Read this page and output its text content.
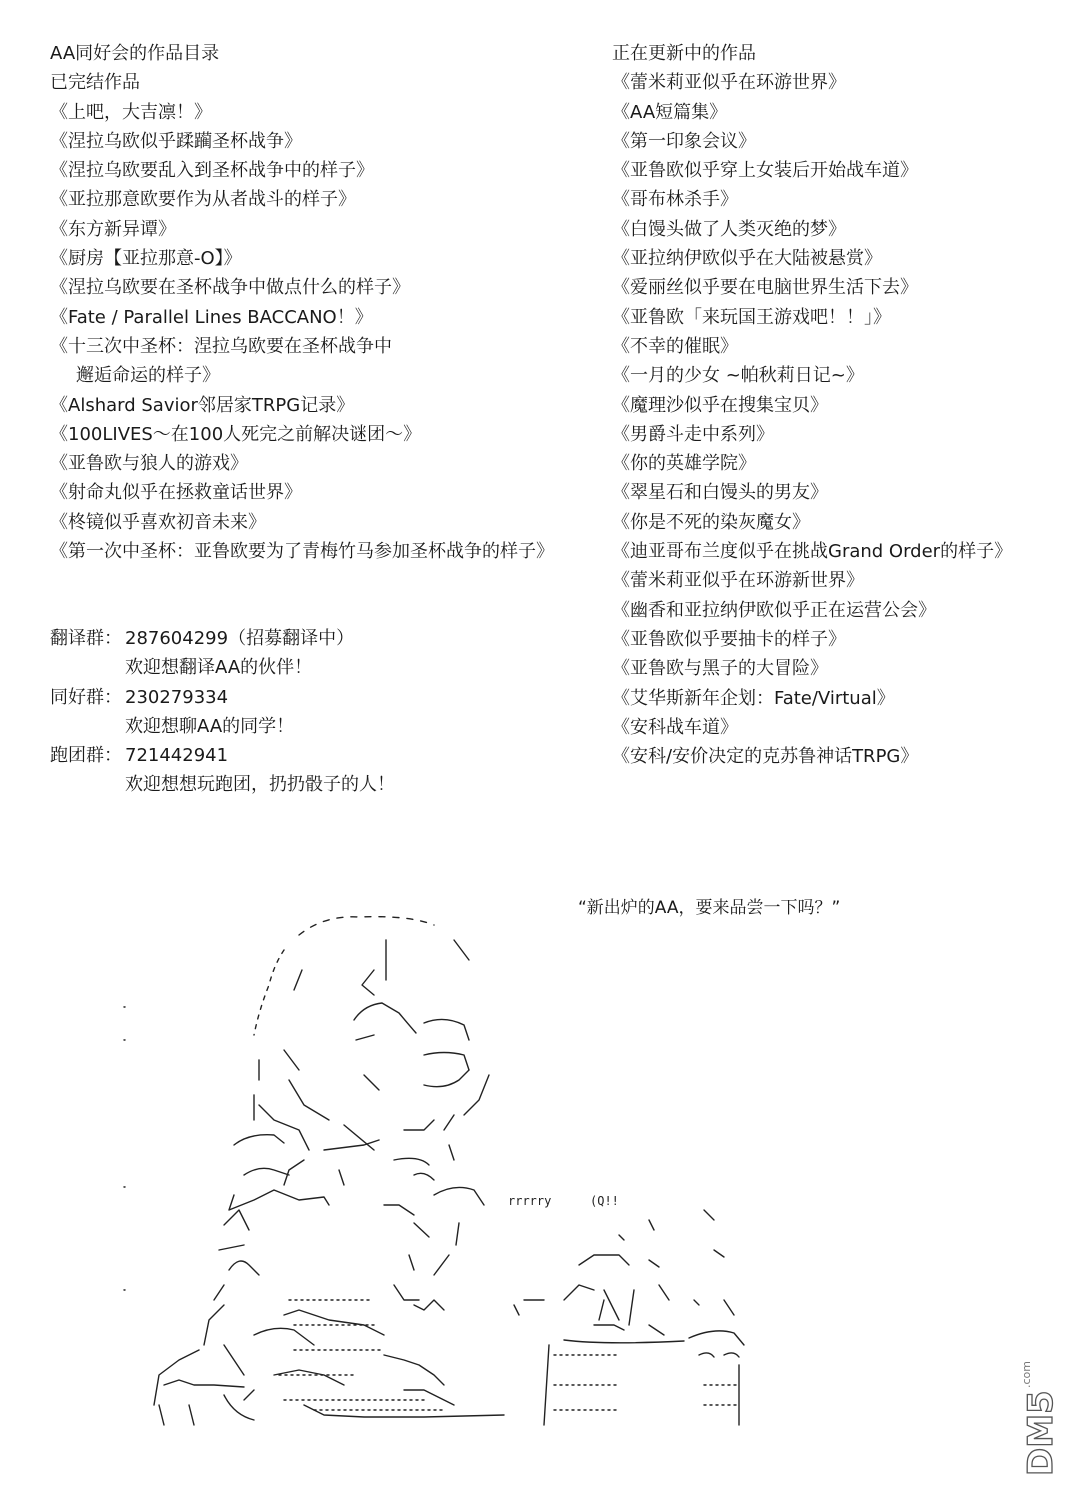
AA同好会的作品目录
已完结作品
《上吧，大吉凛！》
《涅拉乌欧似乎蹂躏圣杯战争》
《涅拉乌欧要乱入到圣杯战争中的样子》
《亚拉那意欧要作为从者战斗的样子》
《东方新异谭》
《厨房【亚拉那意-O】》
《涅拉乌欧要在圣杯战争中做点什么的样子》
《Fate / Parallel Lines BACCANO！》
《十三次中圣杯：涅拉乌欧要在圣杯战争中
邂逅命运的样子》
《Alshard Savior邻居家TRPG记录》
《100LIVES～在100人死完之前解决谜团～》
《亚鲁欧与狼人的游戏》
《射命丸似乎在拯救童话世界》
《柊镜似乎喜欢初音未来》
《第一次中圣杯：亚鲁欧要为了青梅竹马参加圣杯战争的样子》
正在更新中的作品
《蕾米莉亚似乎在环游世界》
《AA短篇集》
《第一印象会议》
《亚鲁欧似乎穿上女装后开始战车道》
《哥布林杀手》
《白馒头做了人类灭绝的梦》
《亚拉纳伊欧似乎在大陆被悬赏》
《爱丽丝似乎要在电脑世界生活下去》
《亚鲁欧「来玩国王游戏吧！！」》
《不幸的催眠》
《一月的少女 ~帕秋莉日记~》
《魔理沙似乎在搜集宝贝》
《男爵斗走中系列》
《你的英雄学院》
《翠星石和白馒头的男友》
《你是不死的染灰魔女》
《迪亚哥布兰度似乎在挑战Grand Order的样子》
《蕾米莉亚似乎在环游新世界》
《幽香和亚拉纳伊欧似乎正在运营公会》
《亚鲁欧似乎要抽卡的样子》
《亚鲁欧与黑子的大冒险》
《艾华斯新年企划：Fate/Virtual》
《安科战车道》
《安科/安价决定的克苏鲁神话TRPG》
翻译群： 287604299（招募翻译中）
欢迎想翻译AA的伙伴！
同好群： 230279334
欢迎想聊AA的同学！
跑团群： 721442941
欢迎想想玩跑团，扔扔骰子的人！
“新出炉的AA，要来品尝一下吗？”
rrrrry	(Q!!
DM5
.com
